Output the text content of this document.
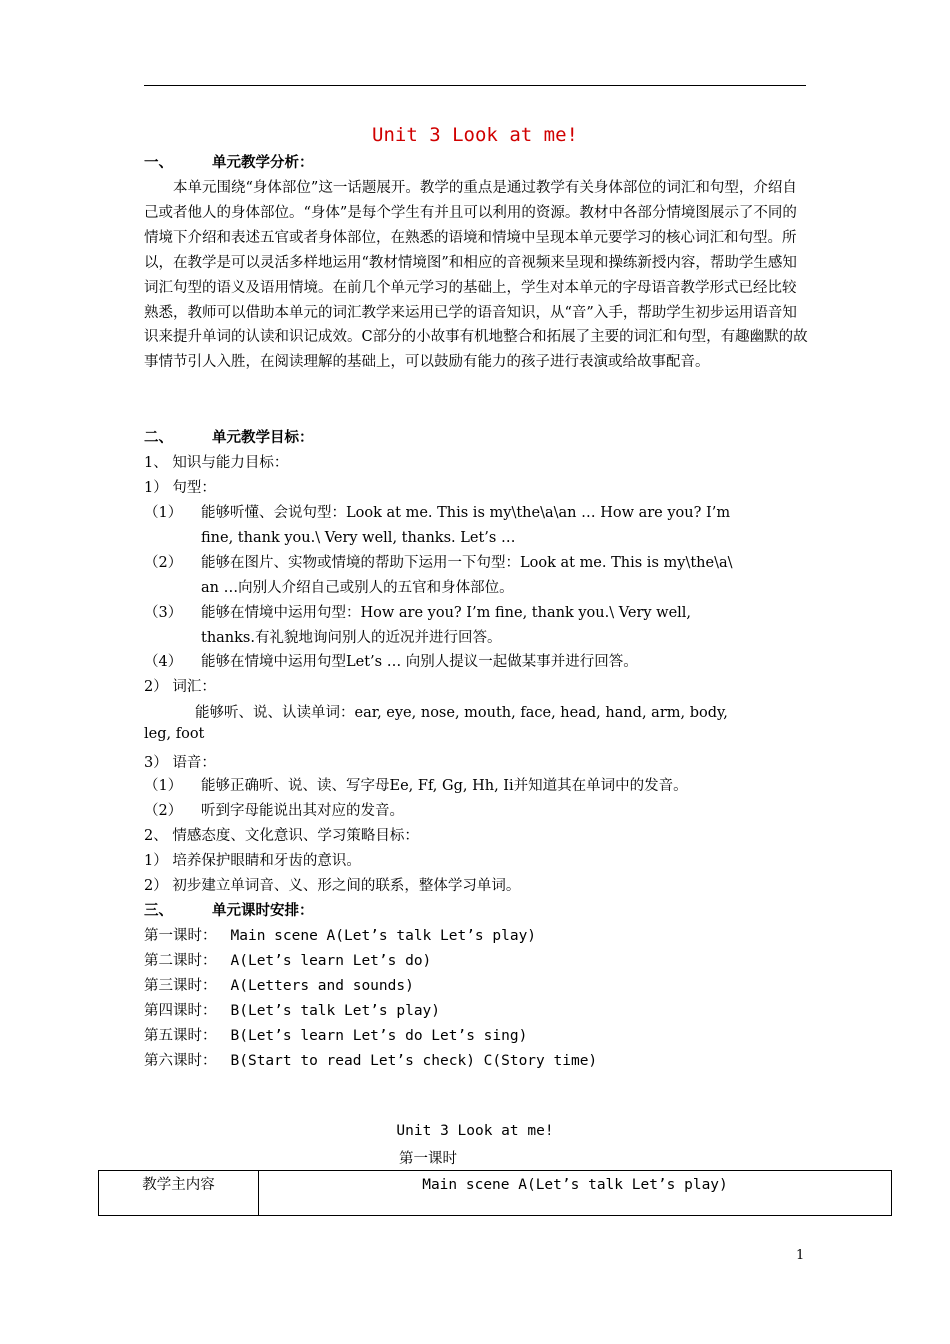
Unit 3 Look at me!
一、	单元教学分析：
本单元围绕“身体部位”这一话题展开。教学的重点是通过教学有关身体部位的词汇和句型，介绍自己或者他人的身体部位。“身体”是每个学生有并且可以利用的资源。教材中各部分情境图展示了不同的情境下介绍和表述五官或者身体部位，在熟悉的语境和情境中呈现本单元要学习的核心词汇和句型。所以，在教学是可以灵活多样地运用“教材情境图”和相应的音视频来呈现和操练新授内容，帮助学生感知词汇句型的语义及语用情境。在前几个单元学习的基础上，学生对本单元的字母语音教学形式已经比较熟悉，教师可以借助本单元的词汇教学来运用已学的语音知识，从“音”入手，帮助学生初步运用语音知识来提升单词的认读和识记成效。C部分的小故事有机地整合和拓展了主要的词汇和句型，有趣幽默的故事情节引人入胜，在阅读理解的基础上，可以鼓励有能力的孩子进行表演或给故事配音。
二、	单元教学目标：
1、 知识与能力目标：
1） 句型：
（1） 能够听懂、会说句型：Look at me. This is my\the\a\an … How are you? I’m
fine, thank you.\ Very well, thanks. Let’s …
（2） 能够在图片、实物或情境的帮助下运用一下句型：Look at me. This is my\the\a\
an …向别人介绍自己或别人的五官和身体部位。
（3） 能够在情境中运用句型：How are you? I’m fine, thank you.\ Very well,
thanks.有礼貌地询问别人的近况并进行回答。
（4） 能够在情境中运用句型Let’s … 向别人提议一起做某事并进行回答。
2） 词汇：
能够听、说、认读单词：ear, eye, nose, mouth, face, head, hand, arm, body,
leg, foot
3） 语音：
（1） 能够正确听、说、读、写字母Ee, Ff, Gg, Hh, Ii并知道其在单词中的发音。
（2） 听到字母能说出其对应的发音。
2、 情感态度、文化意识、学习策略目标：
1） 培养保护眼睛和牙齿的意识。
2） 初步建立单词音、义、形之间的联系，整体学习单词。
三、	单元课时安排：
第一课时： Main scene A(Let’s talk Let’s play)
第二课时： A(Let’s learn Let’s do)
第三课时： A(Letters and sounds)
第四课时： B(Let’s talk Let’s play)
第五课时： B(Let’s learn Let’s do Let’s sing)
第六课时： B(Start to read Let’s check) C(Story time)
Unit 3 Look at me!
第一课时
教学主内容	Main scene A(Let’s talk Let’s play)
1
